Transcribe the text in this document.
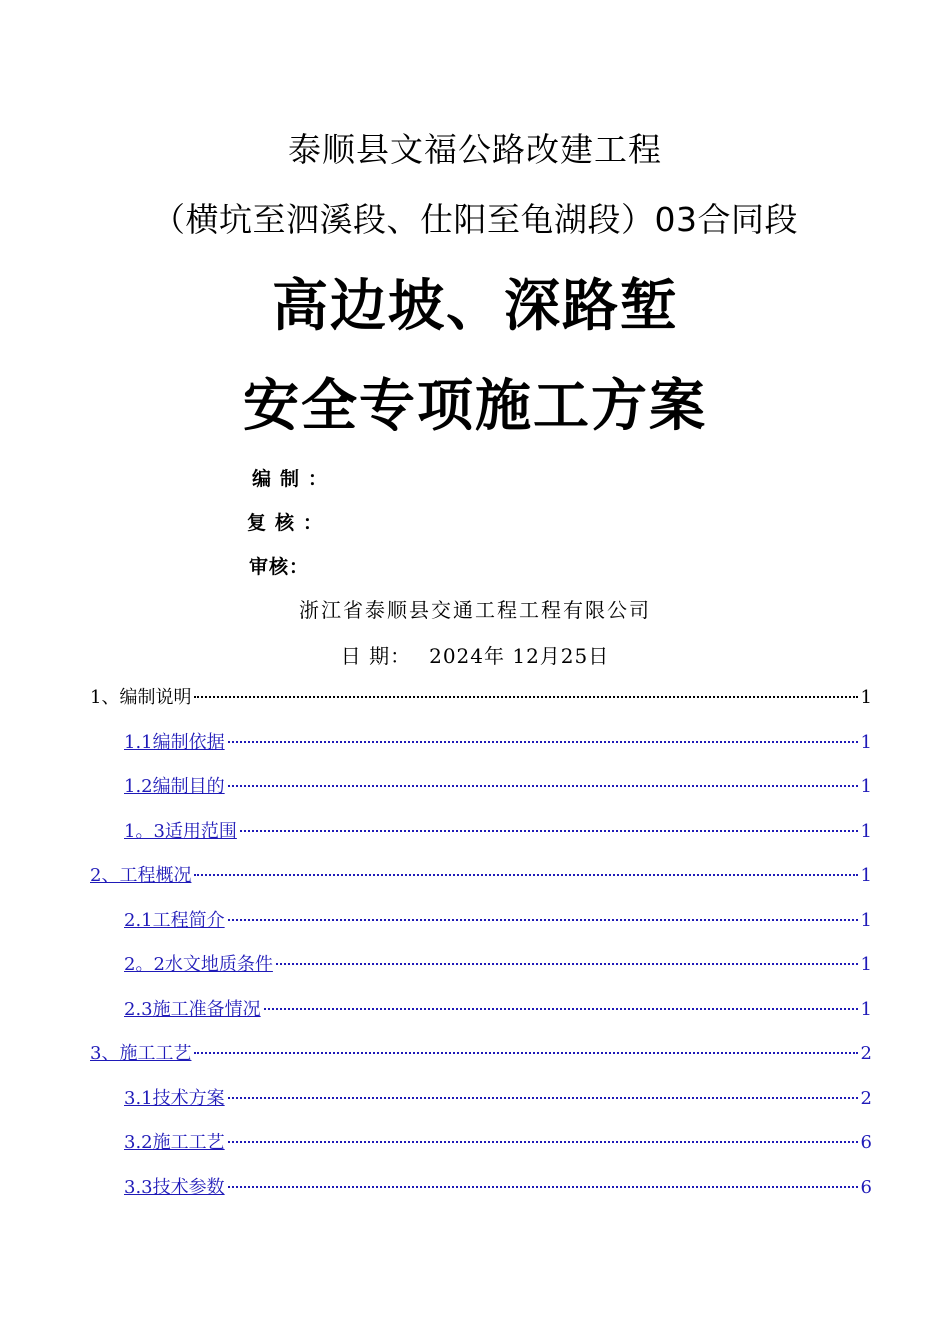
泰顺县文福公路改建工程
（横坑至泗溪段、仕阳至龟湖段）03合同段
高边坡、深路堑
安全专项施工方案
编制：
复核：
审核：
浙江省泰顺县交通工程工程有限公司
日 期： 2024年 12月25日
1、编制说明	1
1.1编制依据	1
1.2编制目的	1
1。3适用范围	1
2、工程概况	1
2.1工程简介	1
2。2水文地质条件	1
2.3施工准备情况	1
3、施工工艺	2
3.1技术方案	2
3.2施工工艺	6
3.3技术参数	6
